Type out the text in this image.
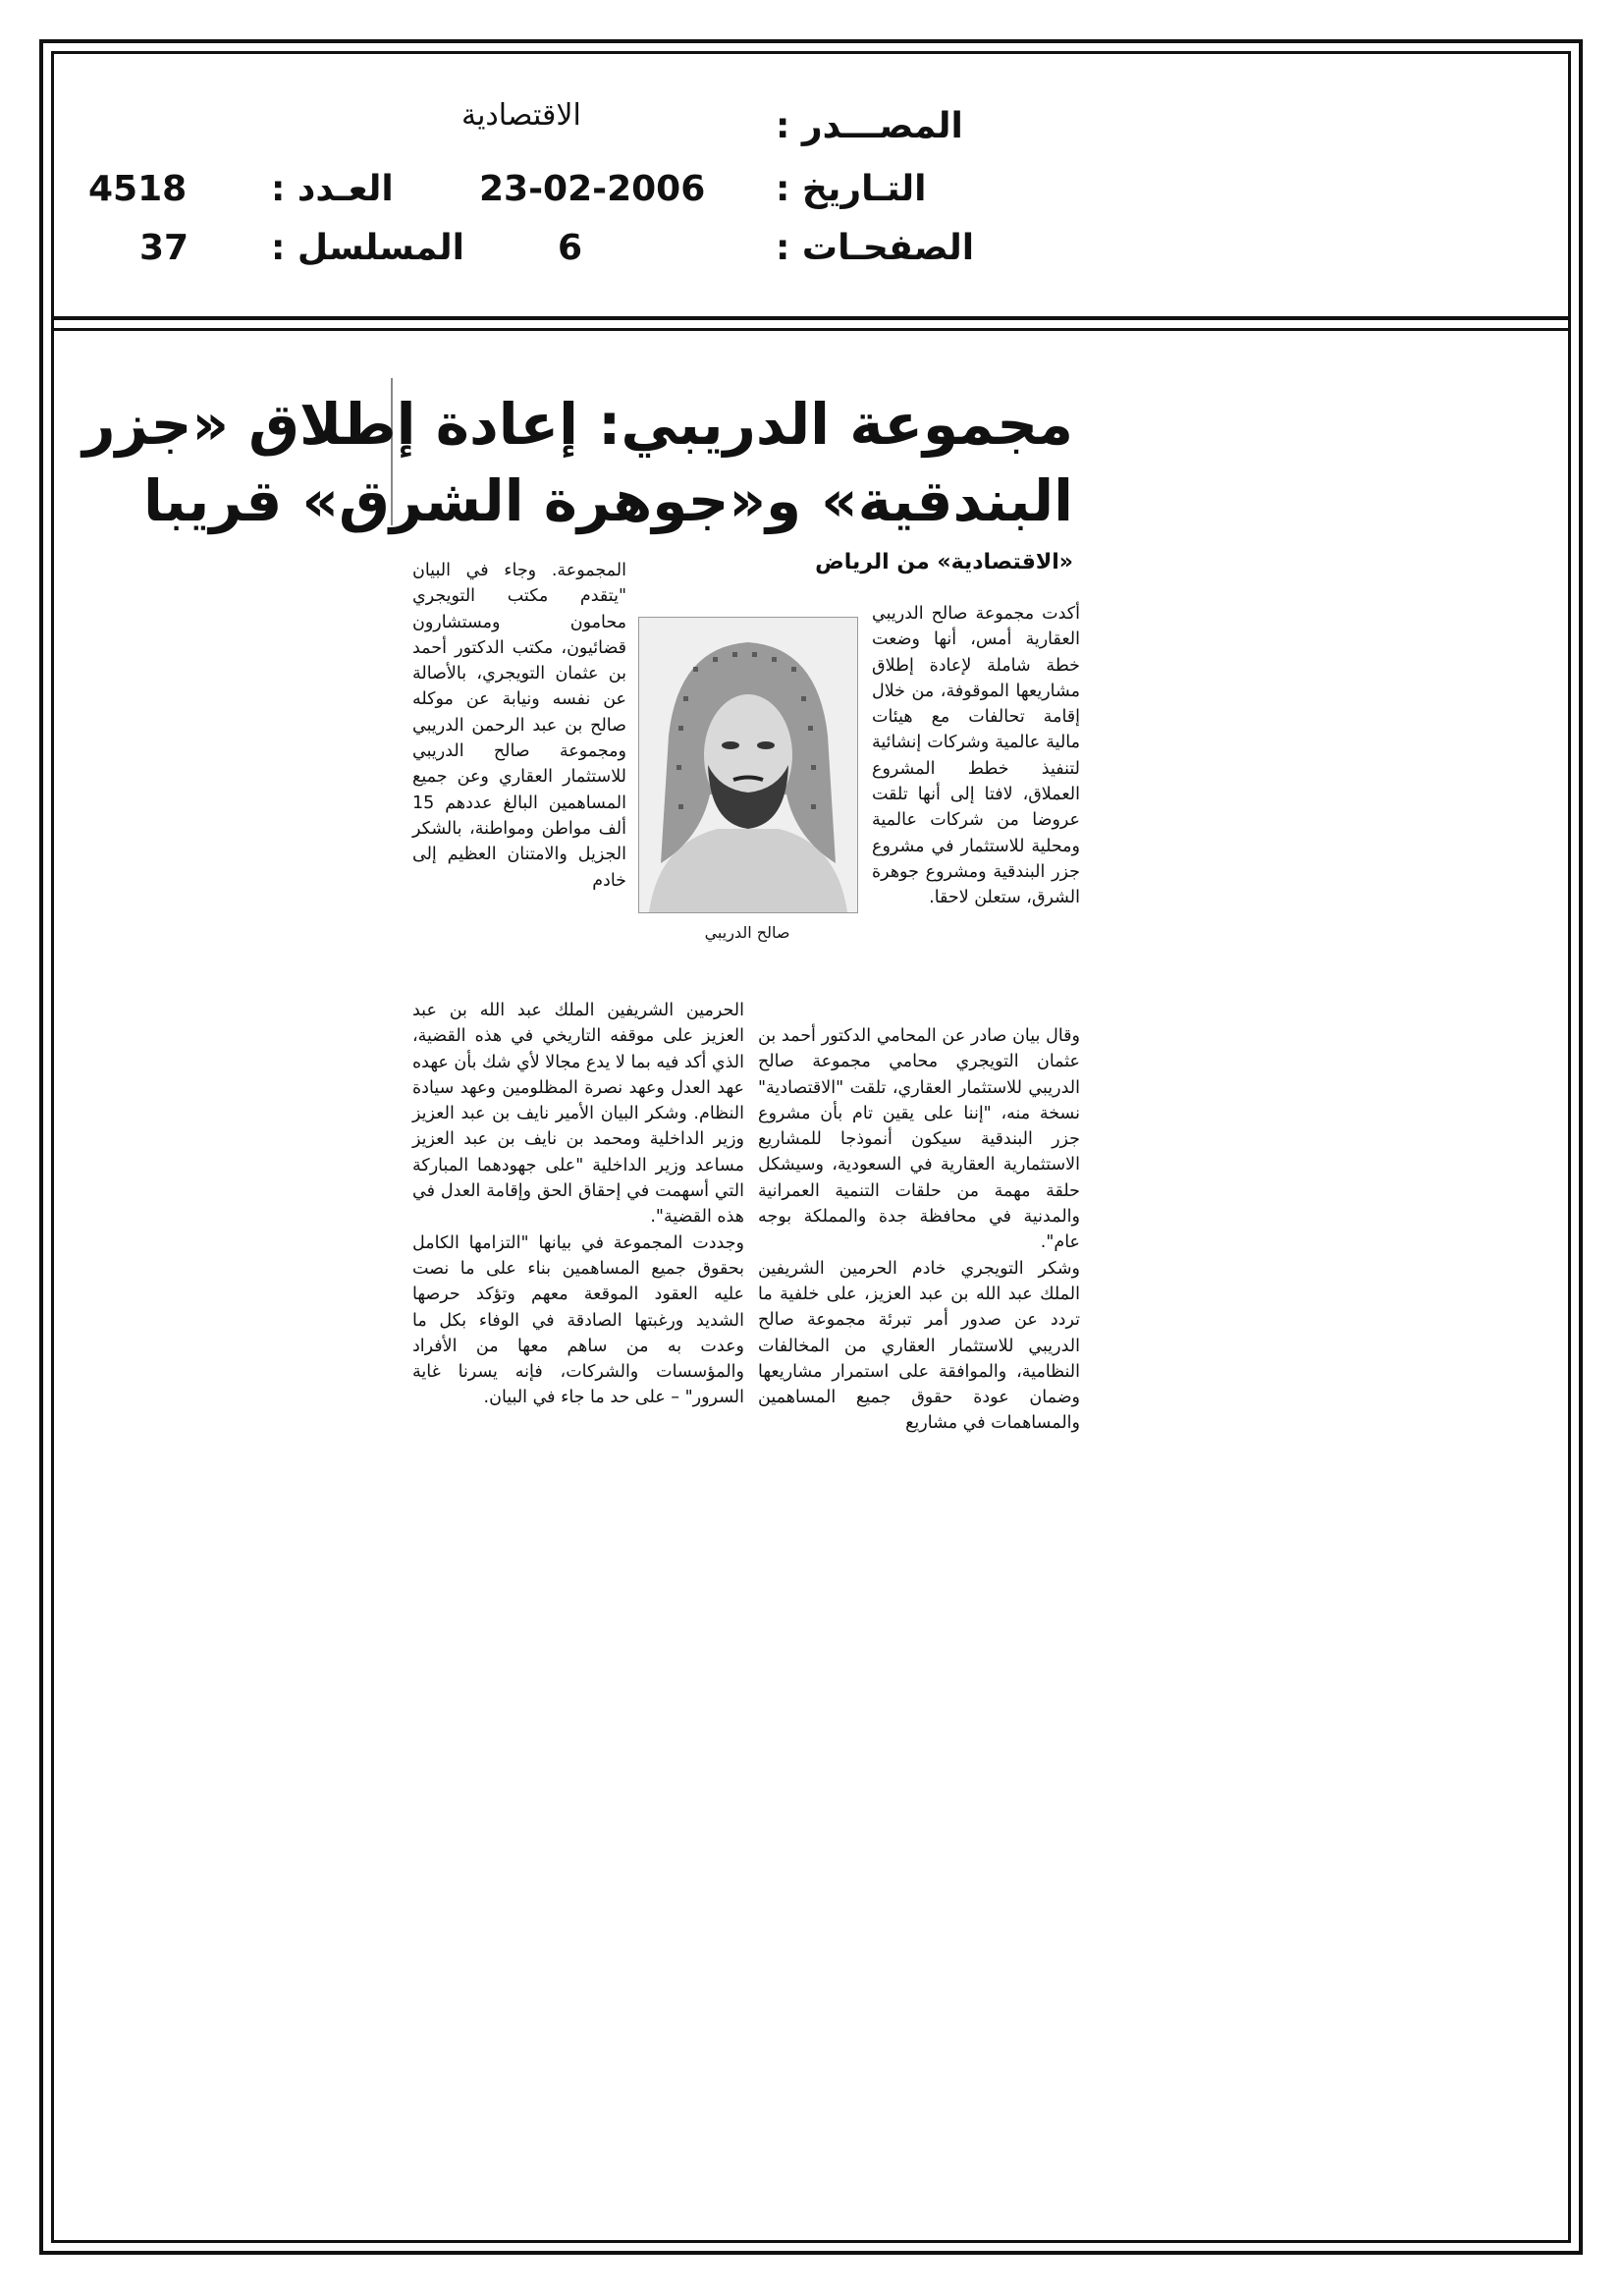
المصـــدر :
الاقتصادية
التـاريخ :
23-02-2006
الصفحـات :
6
العـدد :
4518
المسلسل :
37
مجموعة الدريبي: إعادة إطلاق «جزر
البندقية» و«جوهرة الشرق» قريبا
«الاقتصادية» من الرياض

أكدت مجموعة صالح الدريبي العقارية أمس، أنها وضعت خطة شاملة لإعادة إطلاق مشاريعها الموقوفة، من خلال إقامة تحالفات مع هيئات مالية عالمية وشركات إنشائية لتنفيذ خطط المشروع العملاق، لافتا إلى أنها تلقت عروضا من شركات عالمية ومحلية للاستثمار في مشروع جزر البندقية ومشروع جوهرة الشرق، ستعلن لاحقا.

وقال بيان صادر عن المحامي الدكتور أحمد بن عثمان التويجري محامي مجموعة صالح الدريبي للاستثمار العقاري، تلقت "الاقتصادية" نسخة منه، "إننا على يقين تام بأن مشروع جزر البندقية سيكون أنموذجا للمشاريع الاستثمارية العقارية في السعودية، وسيشكل حلقة مهمة من حلقات التنمية العمرانية والمدنية في محافظة جدة والمملكة بوجه عام".

وشكر التويجري خادم الحرمين الشريفين الملك عبد الله بن عبد العزيز، على خلفية ما تردد عن صدور أمر تبرئة مجموعة صالح الدريبي للاستثمار العقاري من المخالفات النظامية، والموافقة على استمرار مشاريعها وضمان عودة حقوق جميع المساهمين والمساهمات في مشاريع

صالح الدريبي

المجموعة. وجاء في البيان "يتقدم مكتب التويجري محامون ومستشارون قضائيون، مكتب الدكتور أحمد بن عثمان التويجري، بالأصالة عن نفسه ونيابة عن موكله صالح بن عبد الرحمن الدريبي ومجموعة صالح الدريبي للاستثمار العقاري وعن جميع المساهمين البالغ عددهم 15 ألف مواطن ومواطنة، بالشكر الجزيل والامتنان العظيم إلى خادم

الحرمين الشريفين الملك عبد الله بن عبد العزيز على موقفه التاريخي في هذه القضية، الذي أكد فيه بما لا يدع مجالا لأي شك بأن عهده عهد العدل وعهد نصرة المظلومين وعهد سيادة النظام. وشكر البيان الأمير نايف بن عبد العزيز وزير الداخلية ومحمد بن نايف بن عبد العزيز مساعد وزير الداخلية "على جهودهما المباركة التي أسهمت في إحقاق الحق وإقامة العدل في هذه القضية".

وجددت المجموعة في بيانها "التزامها الكامل بحقوق جميع المساهمين بناء على ما نصت عليه العقود الموقعة معهم وتؤكد حرصها الشديد ورغبتها الصادقة في الوفاء بكل ما وعدت به من ساهم معها من الأفراد والمؤسسات والشركات، فإنه يسرنا غاية السرور" – على حد ما جاء في البيان.
